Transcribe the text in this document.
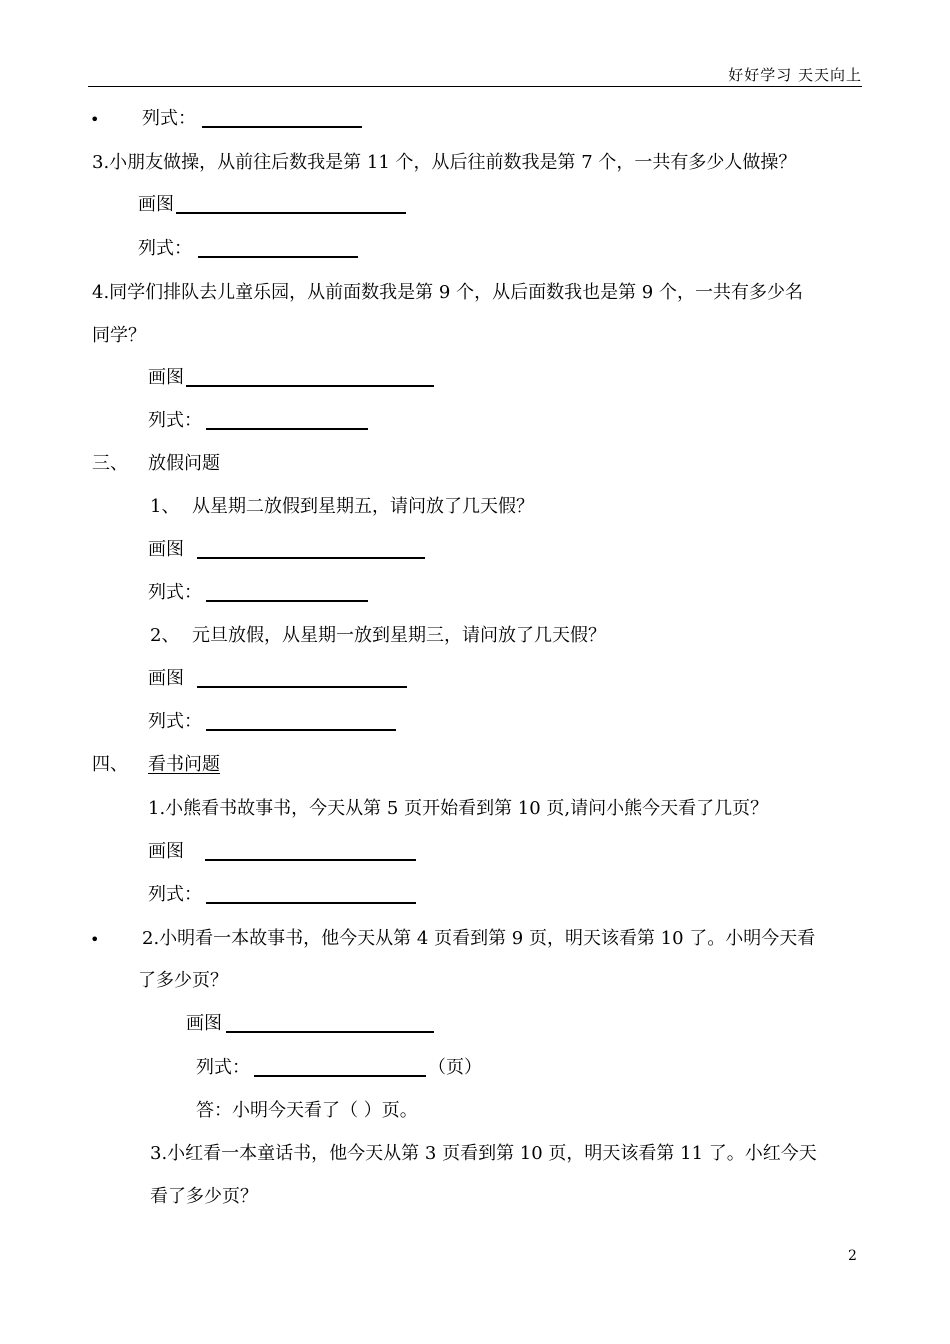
好好学习 天天向上
• 列式：
3.小朋友做操，从前往后数我是第 11 个，从后往前数我是第 7 个，一共有多少人做操？
画图
列式：
4.同学们排队去儿童乐园，从前面数我是第 9 个，从后面数我也是第 9 个，一共有多少名
同学？
画图
列式：
三、 放假问题
1、 从星期二放假到星期五，请问放了几天假？
画图
列式：
2、 元旦放假，从星期一放到星期三，请问放了几天假？
画图
列式：
四、 看书问题
1.小熊看书故事书，今天从第 5 页开始看到第 10 页,请问小熊今天看了几页？
画图
列式：
• 2.小明看一本故事书，他今天从第 4 页看到第 9 页，明天该看第 10 了。小明今天看
了多少页？
画图
列式：	（页）
答：小明今天看了（ ）页。
3.小红看一本童话书，他今天从第 3 页看到第 10 页，明天该看第 11 了。小红今天
看了多少页？
2
